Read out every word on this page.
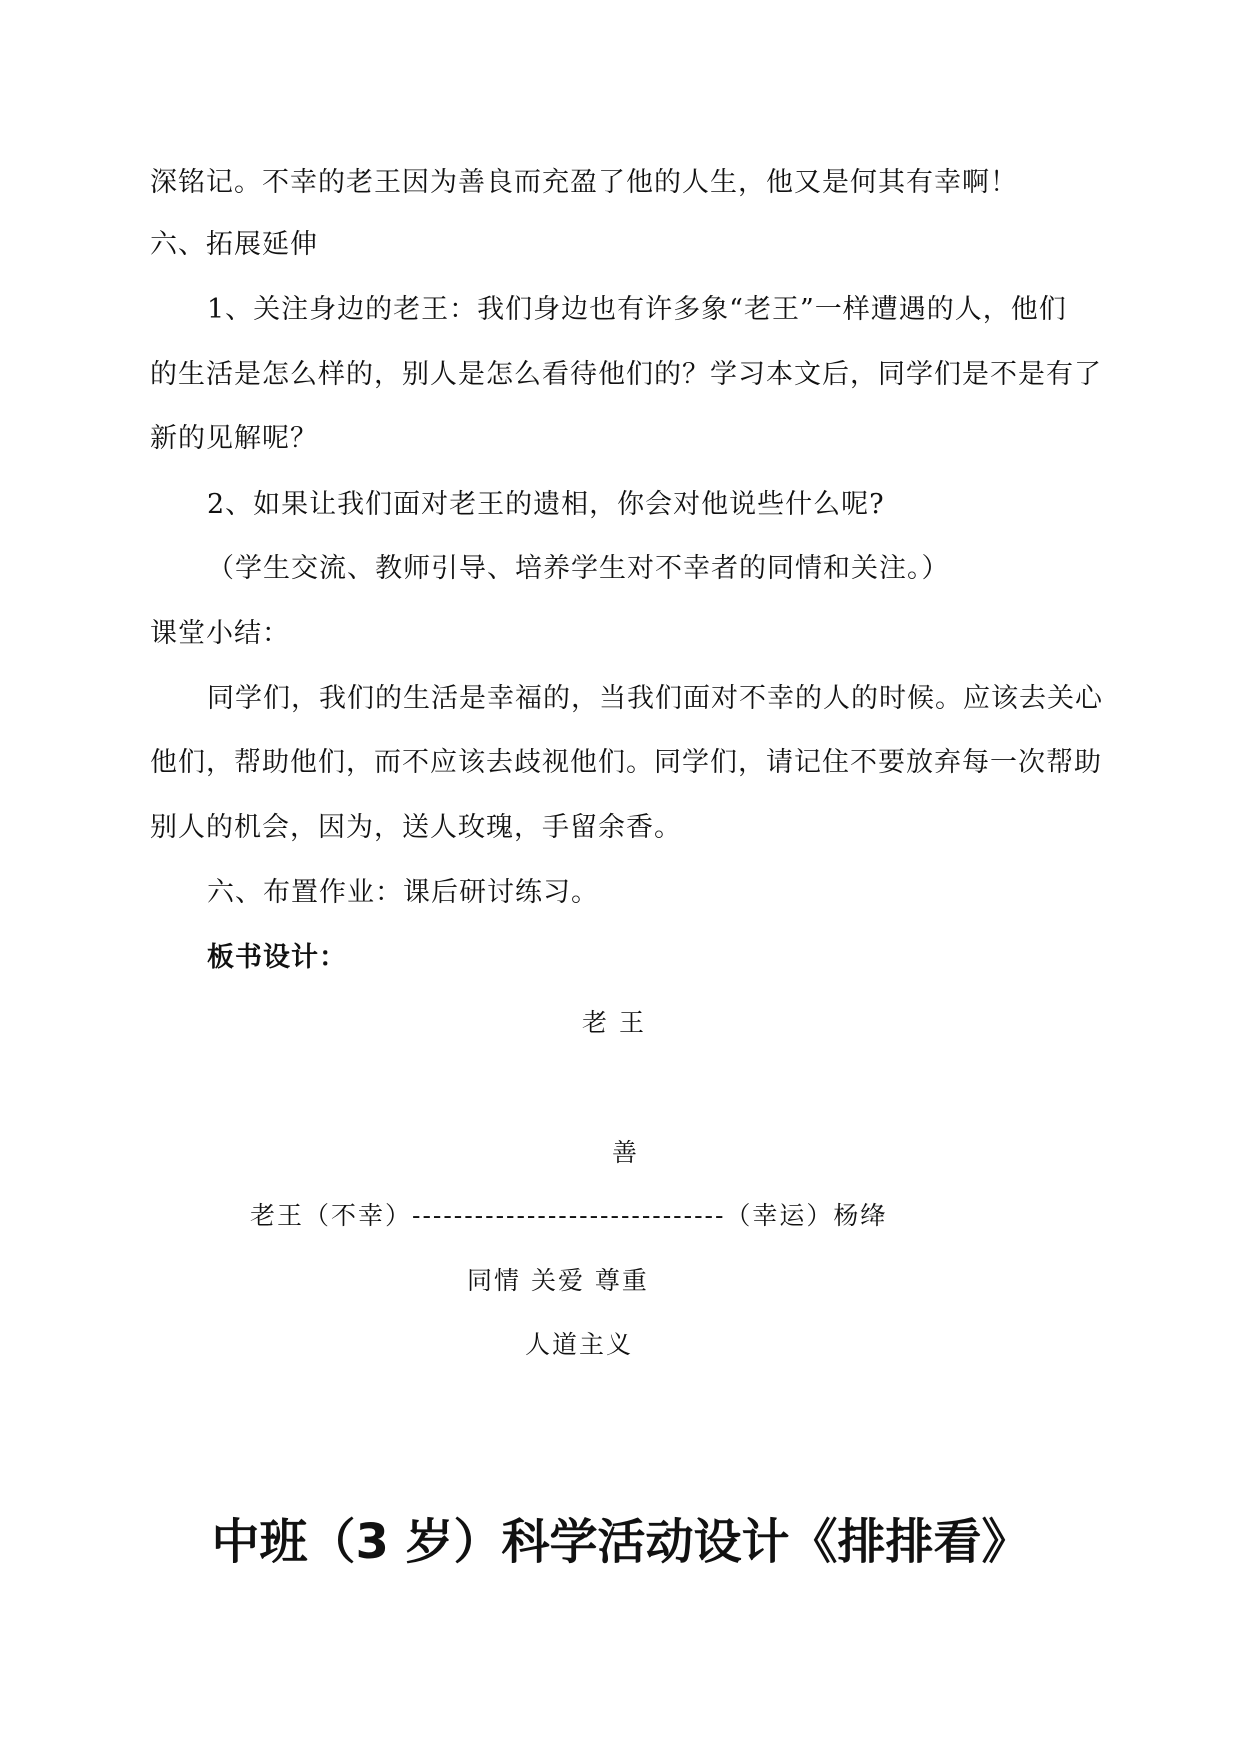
深铭记。不幸的老王因为善良而充盈了他的人生，他又是何其有幸啊！
六、拓展延伸
1、关注身边的老王：我们身边也有许多象“老王”一样遭遇的人，他们
的生活是怎么样的，别人是怎么看待他们的？学习本文后，同学们是不是有了
新的见解呢？
2、如果让我们面对老王的遗相，你会对他说些什么呢?
（学生交流、教师引导、培养学生对不幸者的同情和关注。）
课堂小结：
同学们，我们的生活是幸福的，当我们面对不幸的人的时候。应该去关心
他们，帮助他们，而不应该去歧视他们。同学们，请记住不要放弃每一次帮助
别人的机会，因为，送人玫瑰，手留余香。
六、布置作业：课后研讨练习。
板书设计：
老 王
善
老王（不幸）------------------------------（幸运）杨绛
同情 关爱 尊重
人道主义
中班（3 岁）科学活动设计《排排看》
